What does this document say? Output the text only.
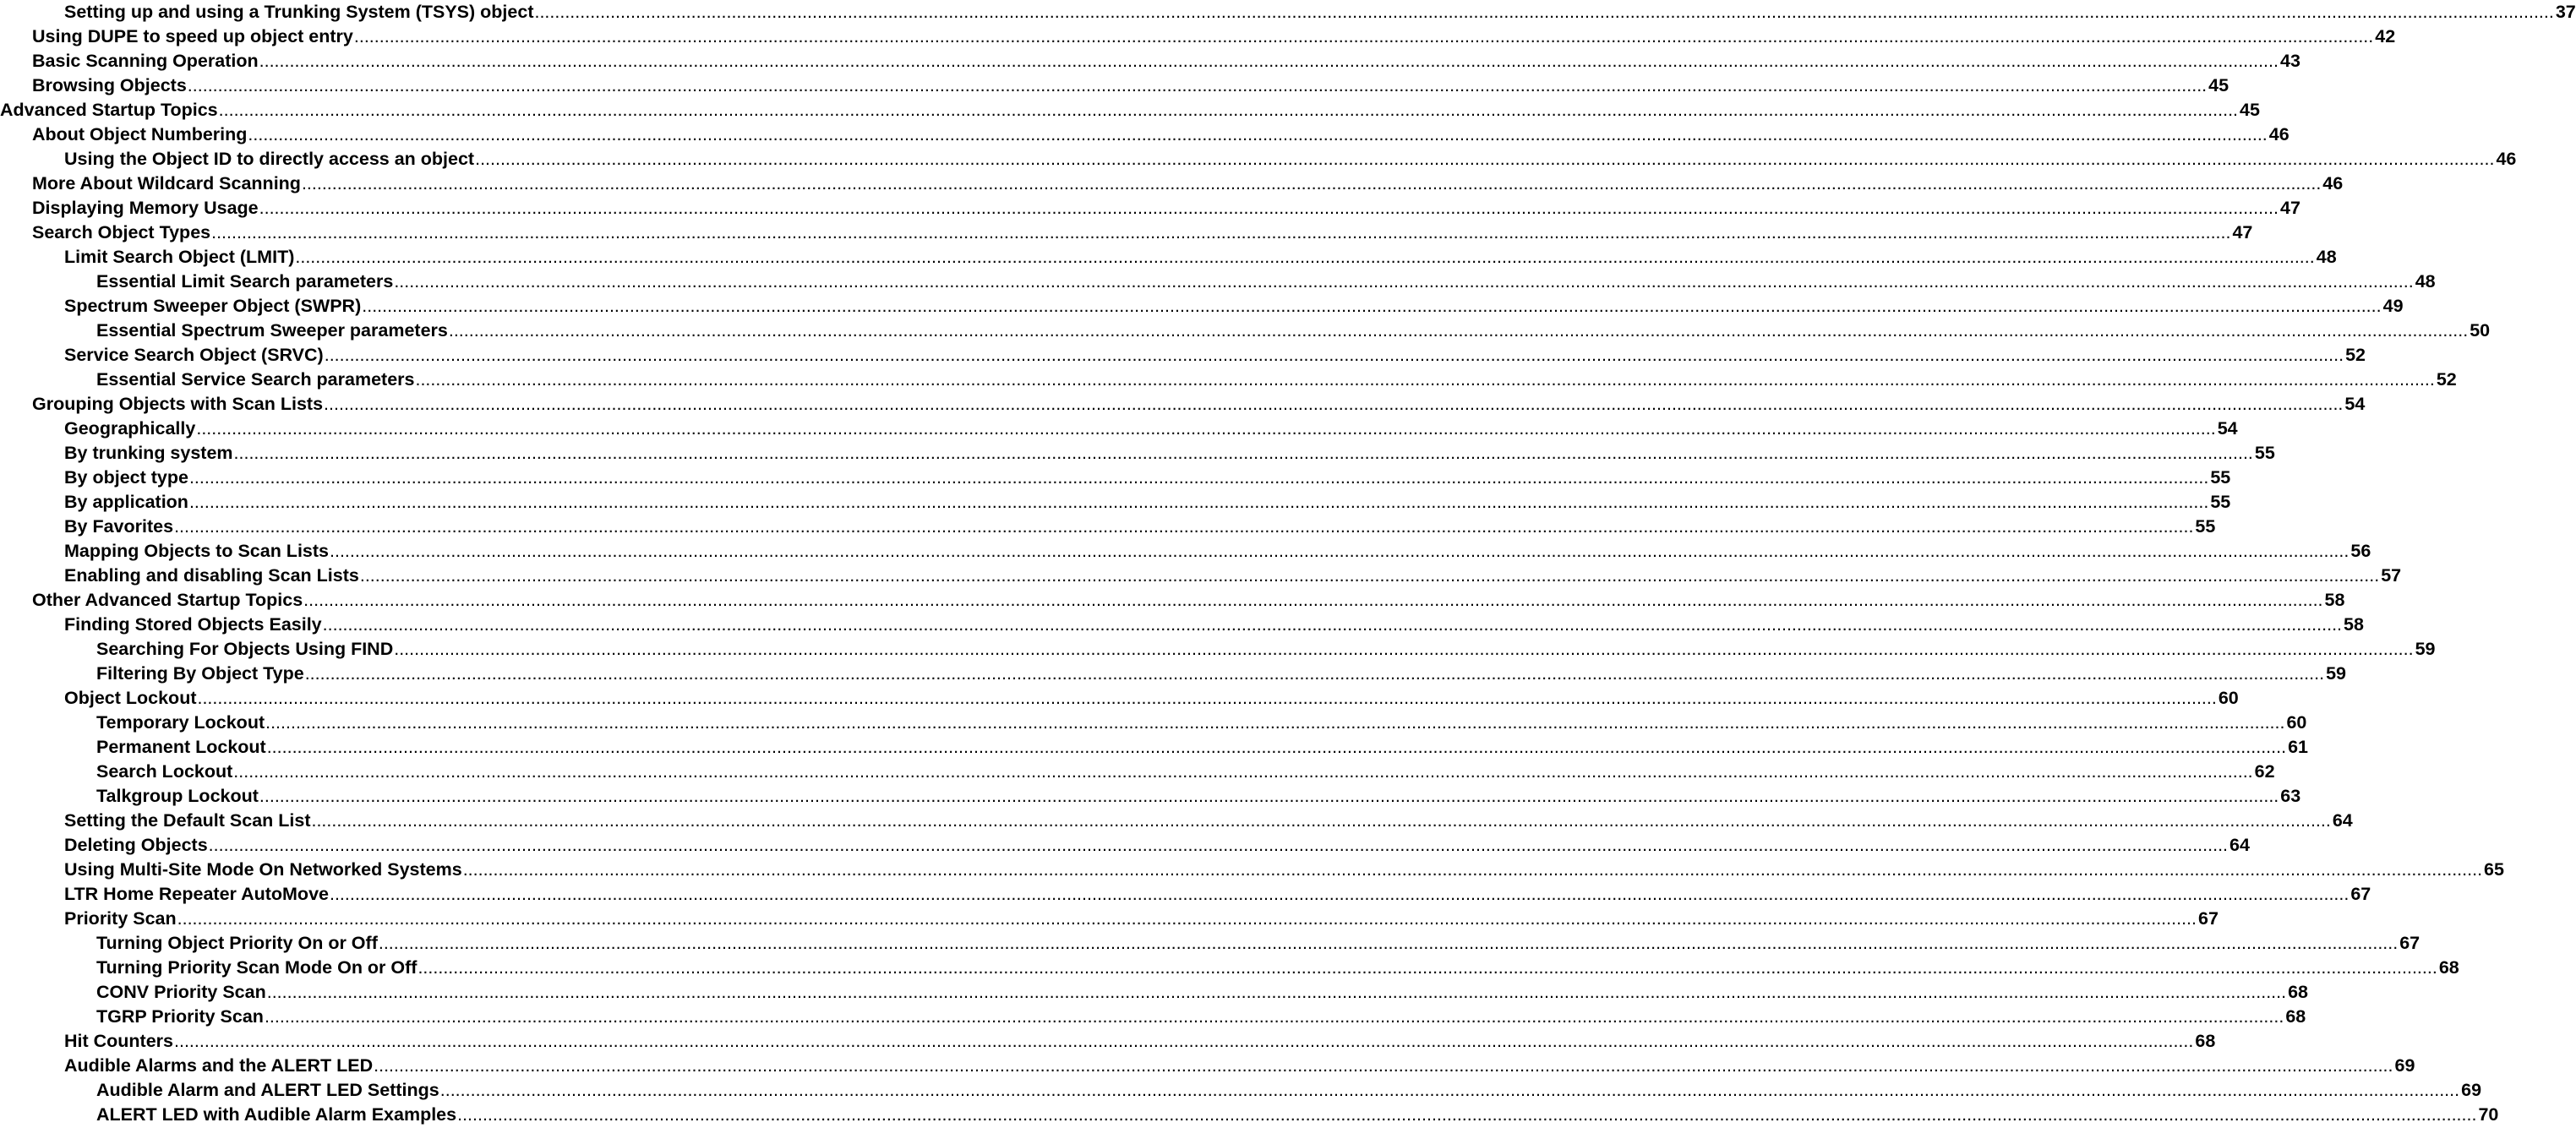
Setting up and using a Trunking System (TSYS) object ................................................................................................................................................................................................................................................................................................................................................................................................................ 37
Using DUPE to speed up object entry ................................................................................................................................................................................................................................................................................................................................................................................................................ 42
Basic Scanning Operation ................................................................................................................................................................................................................................................................................................................................................................................................................ 43
Browsing Objects ................................................................................................................................................................................................................................................................................................................................................................................................................ 45
Advanced Startup Topics ................................................................................................................................................................................................................................................................................................................................................................................................................ 45
About Object Numbering ................................................................................................................................................................................................................................................................................................................................................................................................................ 46
Using the Object ID to directly access an object ................................................................................................................................................................................................................................................................................................................................................................................................................ 46
More About Wildcard Scanning ................................................................................................................................................................................................................................................................................................................................................................................................................ 46
Displaying Memory Usage ................................................................................................................................................................................................................................................................................................................................................................................................................ 47
Search Object Types ................................................................................................................................................................................................................................................................................................................................................................................................................ 47
Limit Search Object (LMIT) ................................................................................................................................................................................................................................................................................................................................................................................................................ 48
Essential Limit Search parameters ................................................................................................................................................................................................................................................................................................................................................................................................................ 48
Spectrum Sweeper Object (SWPR) ................................................................................................................................................................................................................................................................................................................................................................................................................ 49
Essential Spectrum Sweeper parameters ................................................................................................................................................................................................................................................................................................................................................................................................................ 50
Service Search Object (SRVC) ................................................................................................................................................................................................................................................................................................................................................................................................................ 52
Essential Service Search parameters ................................................................................................................................................................................................................................................................................................................................................................................................................ 52
Grouping Objects with Scan Lists ................................................................................................................................................................................................................................................................................................................................................................................................................ 54
Geographically ................................................................................................................................................................................................................................................................................................................................................................................................................ 54
By trunking system ................................................................................................................................................................................................................................................................................................................................................................................................................ 55
By object type ................................................................................................................................................................................................................................................................................................................................................................................................................ 55
By application ................................................................................................................................................................................................................................................................................................................................................................................................................ 55
By Favorites ................................................................................................................................................................................................................................................................................................................................................................................................................ 55
Mapping Objects to Scan Lists ................................................................................................................................................................................................................................................................................................................................................................................................................ 56
Enabling and disabling Scan Lists ................................................................................................................................................................................................................................................................................................................................................................................................................ 57
Other Advanced Startup Topics ................................................................................................................................................................................................................................................................................................................................................................................................................ 58
Finding Stored Objects Easily ................................................................................................................................................................................................................................................................................................................................................................................................................ 58
Searching For Objects Using FIND ................................................................................................................................................................................................................................................................................................................................................................................................................ 59
Filtering By Object Type ................................................................................................................................................................................................................................................................................................................................................................................................................ 59
Object Lockout ................................................................................................................................................................................................................................................................................................................................................................................................................ 60
Temporary Lockout ................................................................................................................................................................................................................................................................................................................................................................................................................ 60
Permanent Lockout ................................................................................................................................................................................................................................................................................................................................................................................................................ 61
Search Lockout ................................................................................................................................................................................................................................................................................................................................................................................................................ 62
Talkgroup Lockout ................................................................................................................................................................................................................................................................................................................................................................................................................ 63
Setting the Default Scan List ................................................................................................................................................................................................................................................................................................................................................................................................................ 64
Deleting Objects ................................................................................................................................................................................................................................................................................................................................................................................................................ 64
Using Multi-Site Mode On Networked Systems ................................................................................................................................................................................................................................................................................................................................................................................................................ 65
LTR Home Repeater AutoMove ................................................................................................................................................................................................................................................................................................................................................................................................................ 67
Priority Scan ................................................................................................................................................................................................................................................................................................................................................................................................................ 67
Turning Object Priority On or Off ................................................................................................................................................................................................................................................................................................................................................................................................................ 67
Turning Priority Scan Mode On or Off ................................................................................................................................................................................................................................................................................................................................................................................................................ 68
CONV Priority Scan ................................................................................................................................................................................................................................................................................................................................................................................................................ 68
TGRP Priority Scan ................................................................................................................................................................................................................................................................................................................................................................................................................ 68
Hit Counters ................................................................................................................................................................................................................................................................................................................................................................................................................ 68
Audible Alarms and the ALERT LED ................................................................................................................................................................................................................................................................................................................................................................................................................ 69
Audible Alarm and ALERT LED Settings ................................................................................................................................................................................................................................................................................................................................................................................................................ 69
ALERT LED with Audible Alarm Examples ................................................................................................................................................................................................................................................................................................................................................................................................................ 70
